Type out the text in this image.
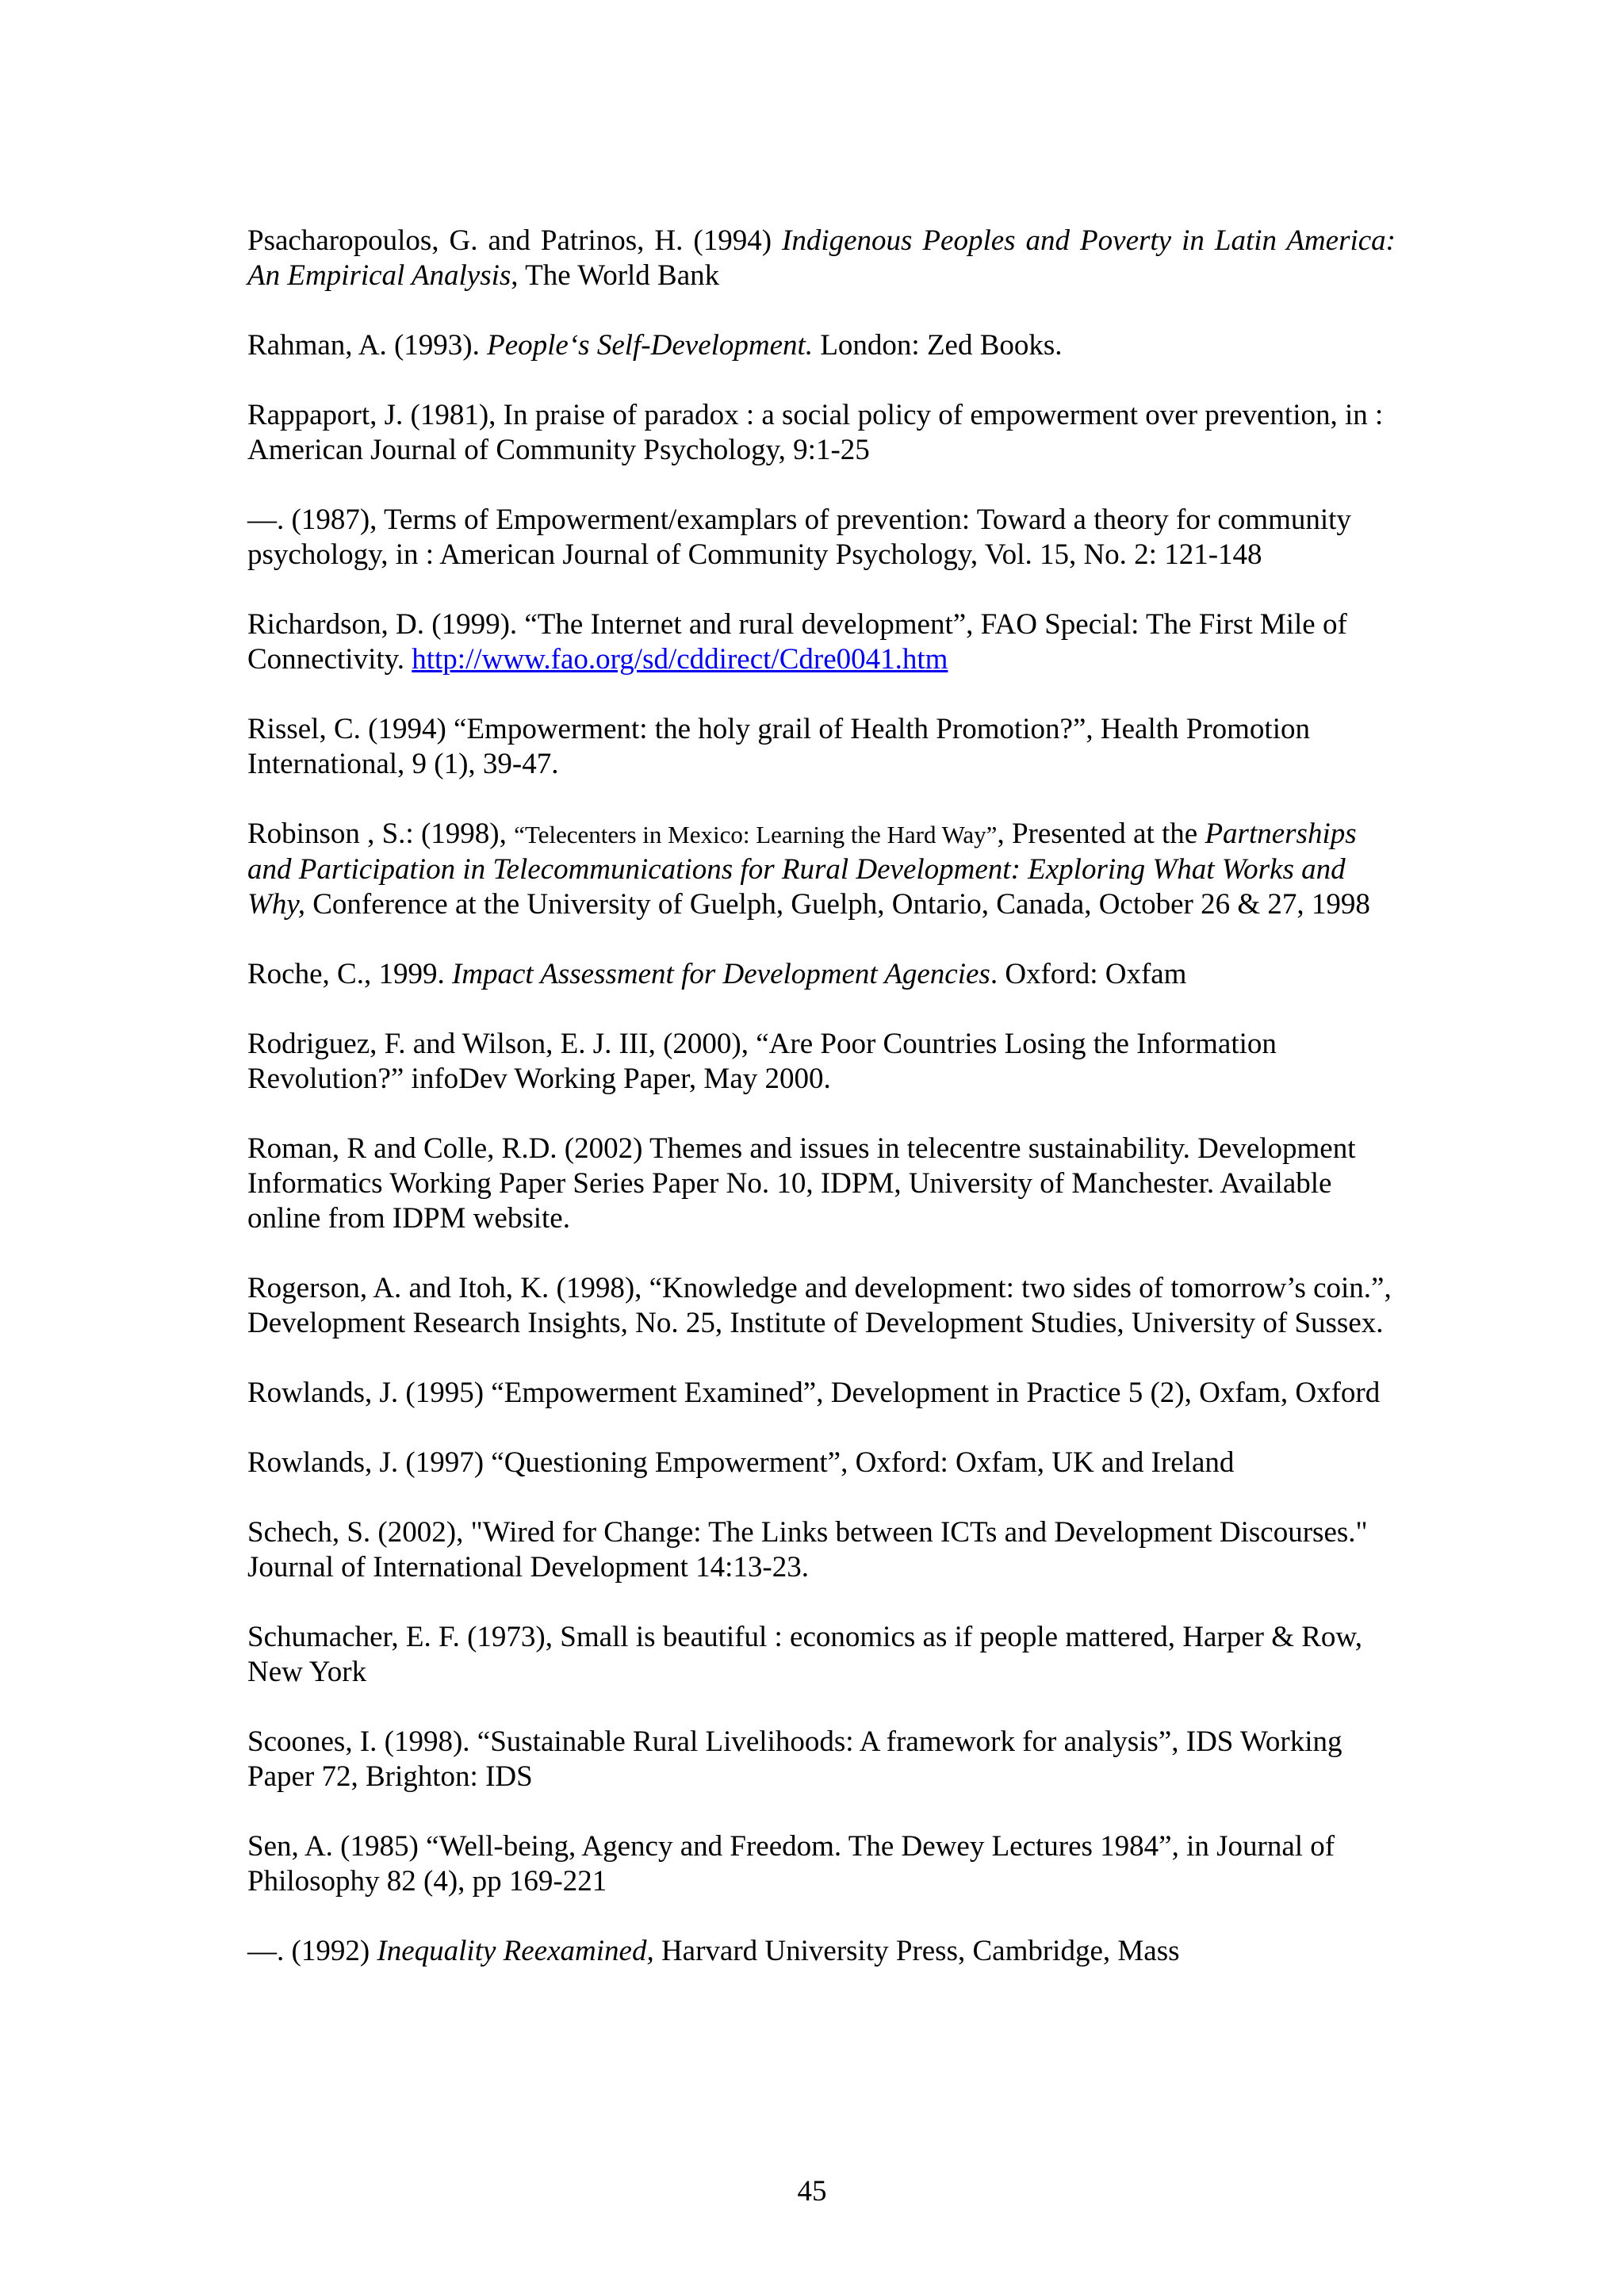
Psacharopoulos, G. and Patrinos, H. (1994) Indigenous Peoples and Poverty in Latin America: An Empirical Analysis, The World Bank

Rahman, A. (1993). People‘s Self-Development. London: Zed Books.

Rappaport, J. (1981), In praise of paradox : a social policy of empowerment over prevention, in : American Journal of Community Psychology, 9:1-25

—. (1987), Terms of Empowerment/examplars of prevention: Toward a theory for community psychology, in : American Journal of Community Psychology, Vol. 15, No. 2: 121-148

Richardson, D. (1999). “The Internet and rural development”, FAO Special: The First Mile of Connectivity. http://www.fao.org/sd/cddirect/Cdre0041.htm

Rissel, C. (1994) “Empowerment: the holy grail of Health Promotion?”, Health Promotion International, 9 (1), 39-47.

Robinson , S.: (1998), “Telecenters in Mexico: Learning the Hard Way”, Presented at the Partnerships and Participation in Telecommunications for Rural Development: Exploring What Works and Why, Conference at the University of Guelph, Guelph, Ontario, Canada, October 26 & 27, 1998

Roche, C., 1999. Impact Assessment for Development Agencies. Oxford: Oxfam

Rodriguez, F. and Wilson, E. J. III, (2000), “Are Poor Countries Losing the Information Revolution?” infoDev Working Paper, May 2000.

Roman, R and Colle, R.D. (2002) Themes and issues in telecentre sustainability. Development Informatics Working Paper Series Paper No. 10, IDPM, University of Manchester. Available online from IDPM website.

Rogerson, A. and Itoh, K. (1998), “Knowledge and development: two sides of tomorrow’s coin.”, Development Research Insights, No. 25, Institute of Development Studies, University of Sussex.

Rowlands, J. (1995) “Empowerment Examined”, Development in Practice 5 (2), Oxfam, Oxford

Rowlands, J. (1997) “Questioning Empowerment”, Oxford: Oxfam, UK and Ireland

Schech, S. (2002), "Wired for Change: The Links between ICTs and Development Discourses." Journal of International Development 14:13-23.

Schumacher, E. F. (1973), Small is beautiful : economics as if people mattered, Harper & Row, New York

Scoones, I. (1998). “Sustainable Rural Livelihoods: A framework for analysis”, IDS Working Paper 72, Brighton: IDS

Sen, A. (1985) “Well-being, Agency and Freedom. The Dewey Lectures 1984”, in Journal of Philosophy 82 (4), pp 169-221

—. (1992) Inequality Reexamined, Harvard University Press, Cambridge, Mass

45
